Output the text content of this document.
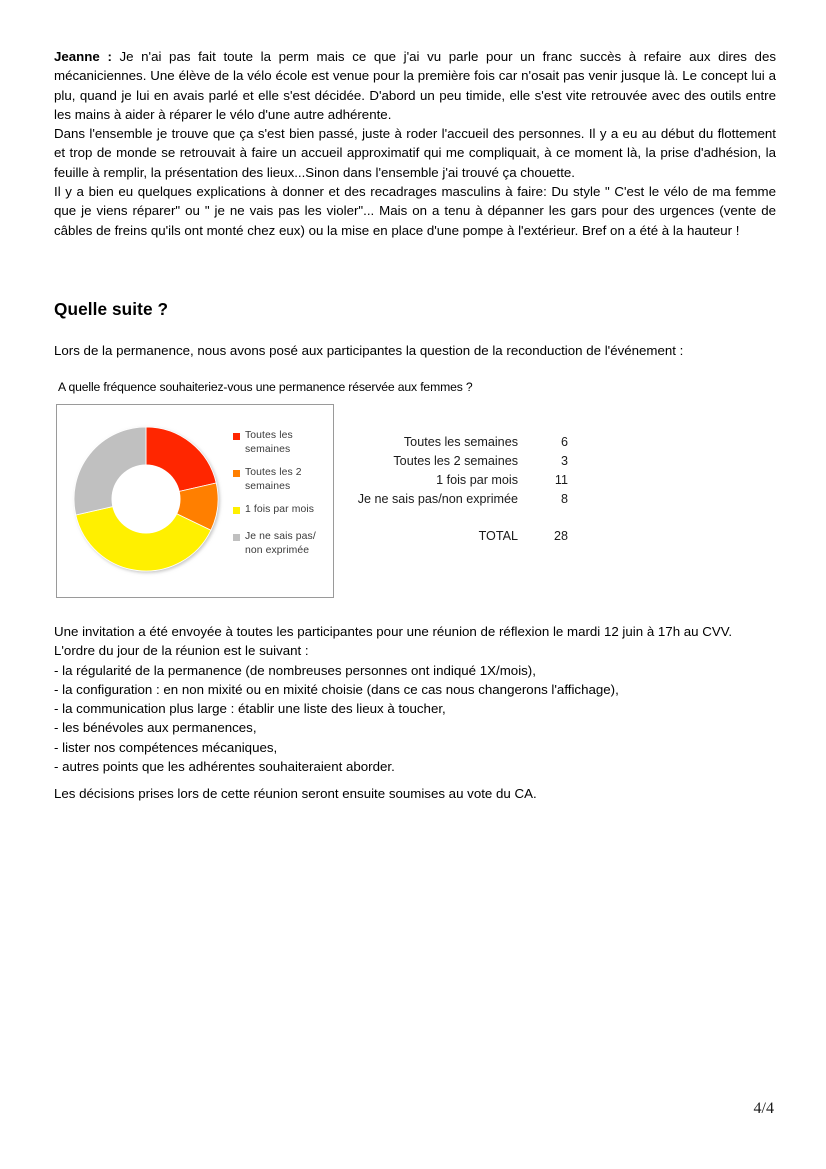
Jeanne : Je n'ai pas fait toute la perm mais ce que j'ai vu parle pour un franc succès à refaire aux dires des mécaniciennes. Une élève de la vélo école est venue pour la première fois car n'osait pas venir jusque là. Le concept lui a plu, quand je lui en avais parlé et elle s'est décidée. D'abord un peu timide, elle s'est vite retrouvée avec des outils entre les mains à aider à réparer le vélo d'une autre adhérente.
Dans l'ensemble je trouve que ça s'est bien passé, juste à roder l'accueil des personnes. Il y a eu au début du flottement et trop de monde se retrouvait à faire un accueil approximatif qui me compliquait, à ce moment là, la prise d'adhésion, la feuille à remplir, la présentation des lieux...Sinon dans l'ensemble j'ai trouvé ça chouette.
Il y a bien eu quelques explications à donner et des recadrages masculins à faire: Du style " C'est le vélo de ma femme que je viens réparer" ou " je ne vais pas les violer"... Mais on a tenu à dépanner les gars pour des urgences (vente de câbles de freins qu'ils ont monté chez eux) ou la mise en place d'une pompe à l'extérieur. Bref on a été à la hauteur !
Quelle suite ?
Lors de la permanence, nous avons posé aux participantes la question de la reconduction de l'événement :
A quelle fréquence souhaiteriez-vous une permanence réservée aux femmes ?
Toutes les semaines
Toutes les 2 semaines
1 fois par mois
Je ne sais pas/ non exprimée
Toutes les semaines	6
Toutes les 2 semaines	3
1 fois par mois	11
Je ne sais pas/non exprimée	8

TOTAL	28
Une invitation a été envoyée à toutes les participantes pour une réunion de réflexion le mardi 12 juin à 17h au CVV. L'ordre du jour de la réunion est le suivant :
- la régularité de la permanence (de nombreuses personnes ont indiqué 1X/mois),
- la configuration : en non mixité ou en mixité choisie (dans ce cas nous changerons l'affichage),
- la communication plus large : établir une liste des lieux à toucher,
- les bénévoles aux permanences,
- lister nos compétences mécaniques,
- autres points que les adhérentes souhaiteraient aborder.
Les décisions prises lors de cette réunion seront ensuite soumises au vote du CA.
4/4
